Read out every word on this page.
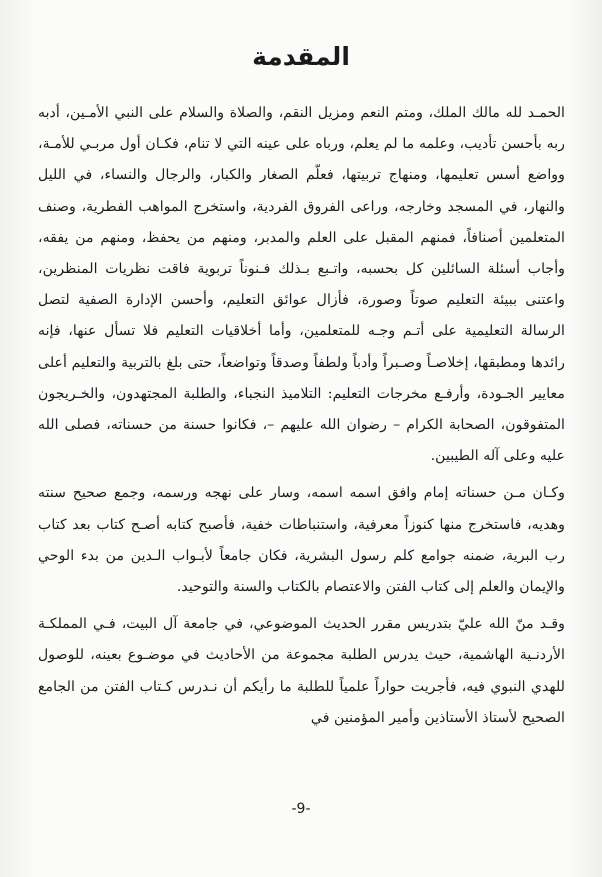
المقدمة

الحمـد لله مالك الملك، ومتم النعم ومزيل النقم، والصلاة والسلام على النبي الأمـين، أدبه ربه بأحسن تأديب، وعلمه ما لم يعلم، ورباه على عينه التي لا تنام، فكـان أول مربـي للأمـة، وواضع أسس تعليمها، ومنهاج تربيتها، فعلّم الصغار والكبار، والرجال والنساء، في الليل والنهار، في المسجد وخارجه، وراعى الفروق الفردية، واستخرج المواهب الفطرية، وصنف المتعلمين أصنافاً، فمنهم المقبل على العلم والمدبر، ومنهم من يحفظ، ومنهم من يفقه، وأجاب أسئلة السائلين كل بحسبه، واتـبع بـذلك فـنوناً تربوية فاقت نظريات المنظرين، واعتنى ببيئة التعليم صوتاً وصورة، فأزال عوائق التعليم، وأحسن الإدارة الصفية لتصل الرسالة التعليمية على أتـم وجـه للمتعلمين، وأما أخلاقيات التعليم فلا تسأل عنها، فإنه رائدها ومطبقها، إخلاصـاً وصـبراً وأدباً ولطفاً وصدقاً وتواضعاً، حتى بلغ بالتربية والتعليم أعلى معايير الجـودة، وأرفـع مخرجات التعليم: التلاميذ النجباء، والطلبة المجتهدون، والخـريجون المتفوقون، الصحابة الكرام – رضوان الله عليهم –، فكانوا حسنة من حسناته، فصلى الله عليه وعلى آله الطيبين.

وكـان مـن حسناته إمام وافق اسمه اسمه، وسار على نهجه ورسمه، وجمع صحيح سنته وهديه، فاستخرج منها كنوزاً معرفية، واستنباطات خفية، فأصبح كتابه أصـح كتاب بعد كتاب رب البرية، ضمنه جوامع كلم رسول البشرية، فكان جامعاً لأبـواب الـدين من بدء الوحي والإيمان والعلم إلى كتاب الفتن والاعتصام بالكتاب والسنة والتوحيد.

وقـد منّ الله عليّ بتدريس مقرر الحديث الموضوعي، في جامعة آل البيت، فـي المملكـة الأردنـية الهاشمية، حيث يدرس الطلبة مجموعة من الأحاديث في موضـوع بعينه، للوصول للهدي النبوي فيه، فأجريت حواراً علمياً للطلبة ما رأيكم أن نـدرس كـتاب الفتن من الجامع الصحيح لأستاذ الأستاذين وأمير المؤمنين في

-9-
